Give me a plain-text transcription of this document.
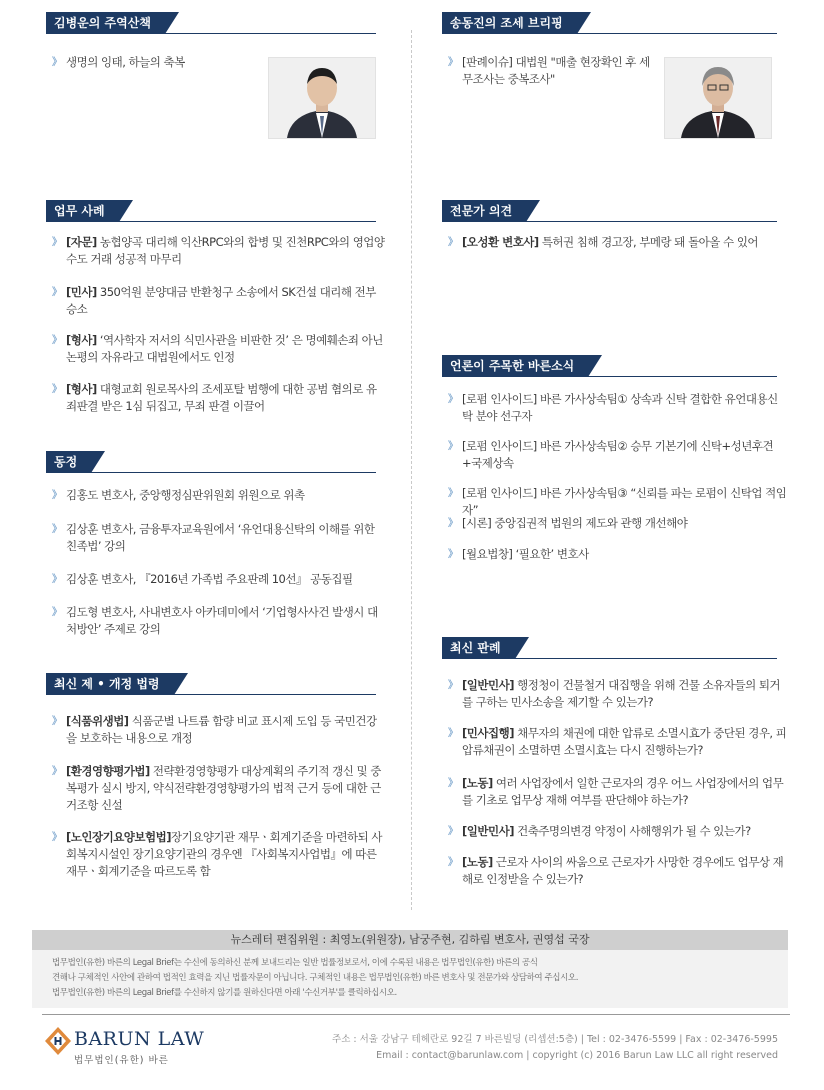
김병운의 주역산책
》 생명의 잉태, 하늘의 축복
업무 사례
》 [자문] 농협양곡 대리해 익산RPC와의 합병 및 진천RPC와의 영업양수도 거래 성공적 마무리
》 [민사] 350억원 분양대금 반환청구 소송에서 SK건설 대리해 전부 승소
》 [형사] ‘역사학자 저서의 식민사관을 비판한 것’ 은 명예훼손죄 아닌 논평의 자유라고 대법원에서도 인정
》 [형사] 대형교회 원로목사의 조세포탈 범행에 대한 공범 혐의로 유죄판결 받은 1심 뒤집고, 무죄 판결 이끌어
동정
》 김홍도 변호사, 중앙행정심판위원회 위원으로 위촉
》 김상훈 변호사, 금융투자교육원에서 ‘유언대용신탁의 이해를 위한 친족법’ 강의
》 김상훈 변호사, 『2016년 가족법 주요판례 10선』 공동집필
》 김도형 변호사, 사내변호사 아카데미에서 ‘기업형사사건 발생시 대처방안’ 주제로 강의
최신 제 • 개정 법령
》 [식품위생법] 식품군별 나트륨 함량 비교 표시제 도입 등 국민건강을 보호하는 내용으로 개정
》 [환경영향평가법] 전략환경영향평가 대상계획의 주기적 갱신 및 중복평가 실시 방지, 약식전략환경영향평가의 법적 근거 등에 대한 근거조항 신설
》 [노인장기요양보험법]장기요양기관 재무ㆍ회계기준을 마련하되 사회복지시설인 장기요양기관의 경우엔 『사회복지사업법』에 따른 재무ㆍ회계기준을 따르도록 함
송동진의 조세 브리핑
》 [판례이슈] 대법원 "매출 현장확인 후 세무조사는 중복조사"
전문가 의견
》 [오성환 변호사] 특허권 침해 경고장, 부메랑 돼 돌아올 수 있어
언론이 주목한 바른소식
》 [로펌 인사이드] 바른 가사상속팀① 상속과 신탁 결합한 유언대용신탁 분야 선구자
》 [로펌 인사이드] 바른 가사상속팀② 승무 기본기에 신탁+성년후견+국제상속
》 [로펌 인사이드] 바른 가사상속팀③ “신뢰를 파는 로펌이 신탁업 적임자”
》 [시론] 중앙집권적 법원의 제도와 관행 개선해야
》 [월요법창] ‘필요한’ 변호사
최신 판례
》 [일반민사] 행정청이 건물철거 대집행을 위해 건물 소유자들의 퇴거를 구하는 민사소송을 제기할 수 있는가?
》 [민사집행] 채무자의 채권에 대한 압류로 소멸시효가 중단된 경우, 피압류채권이 소멸하면 소멸시효는 다시 진행하는가?
》 [노동] 여러 사업장에서 일한 근로자의 경우 어느 사업장에서의 업무를 기초로 업무상 재해 여부를 판단해야 하는가?
》 [일반민사] 건축주명의변경 약정이 사해행위가 될 수 있는가?
》 [노동] 근로자 사이의 싸움으로 근로자가 사망한 경우에도 업무상 재해로 인정받을 수 있는가?
뉴스레터 편집위원 : 최영노(위원장), 남궁주현, 김하림 변호사, 권영섭 국장

법무법인(유한) 바른의 Legal Brief는 수신에 동의하신 분께 보내드리는 일반 법률정보로서, 이에 수록된 내용은 법무법인(유한) 바른의 공식

견해나 구체적인 사안에 관하여 법적인 효력을 지닌 법률자문이 아닙니다. 구체적인 내용은 법무법인(유한) 바른 변호사 및 전문가와 상담하여 주십시오.

법무법인(유한) 바른의 Legal Brief를 수신하지 않기를 원하신다면 아래 '수신거부'를 클릭하십시오.

BARUN LAW
법무법인(유한) 바른
주소 : 서울 강남구 테헤란로 92길 7 바른빌딩 (리셉션:5층) | Tel : 02-3476-5599 | Fax : 02-3476-5995
Email : contact@barunlaw.com | copyright (c) 2016 Barun Law LLC all right reserved
